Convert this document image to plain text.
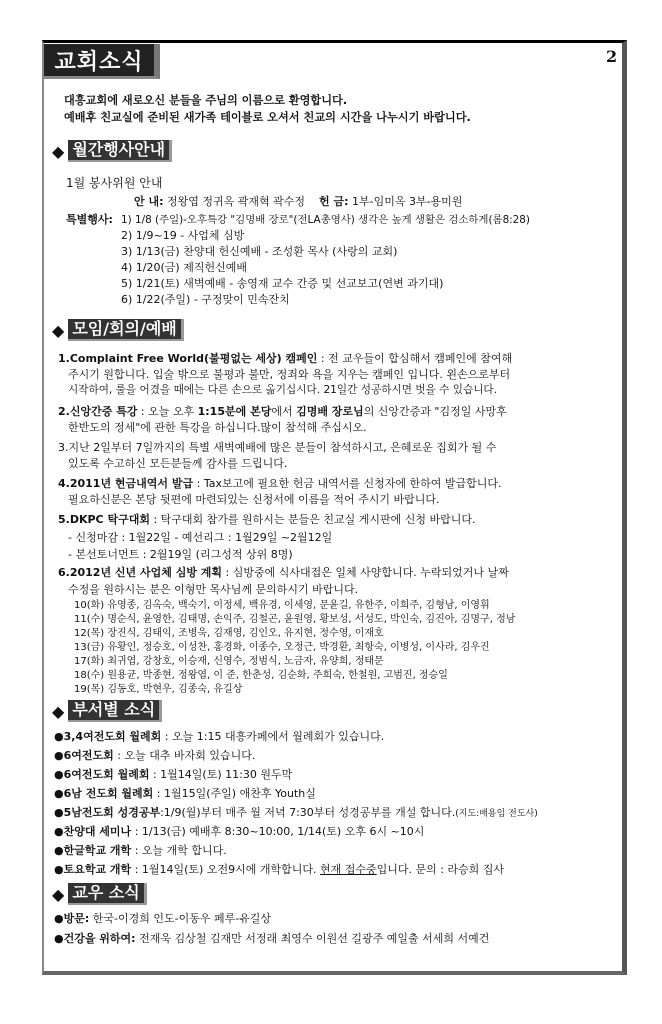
교회소식	2
대흥교회에 새로오신 분들을 주님의 이름으로 환영합니다.
예배후 친교실에 준비된 새가족 테이블로 오셔서 친교의 시간을 나누시기 바랍니다.
◆ 월간행사안내
1월 봉사위원 안내
안 내: 정왕엽 정귀옥 곽재혁 곽수정 헌 금: 1부-임미옥 3부-용미원
특별행사: 1) 1/8 (주일)-오후특강 "김명배 장로"(전LA총영사) 생각은 높게 생활은 검소하게(롬8:28)
2) 1/9~19 - 사업체 심방
3) 1/13(금) 찬양대 헌신예배 - 조성환 목사 (사랑의 교회)
4) 1/20(금) 제직헌신예배
5) 1/21(토) 새벽예배 - 송영재 교수 간증 및 선교보고(연변 과기대)
6) 1/22(주일) - 구정맞이 민속잔치
◆ 모임/회의/예배
1.Complaint Free World(불평없는 세상) 캠페인 : 전 교우들이 합심해서 캠페인에 참여해
주시기 원합니다. 입술 밖으로 불평과 불만, 정죄와 욕을 지우는 캠페인 입니다. 왼손으로부터
시작하여, 룰을 어겼을 때에는 다른 손으로 옮기십시다. 21일간 성공하시면 벗을 수 있습니다.
2.신앙간증 특강 : 오늘 오후 1:15분에 본당에서 김명배 장로님의 신앙간증과 "김정일 사망후
한반도의 정세"에 관한 특강을 하십니다.많이 참석해 주십시오.
3.지난 2일부터 7일까지의 특별 새벽예배에 많은 분들이 참석하시고, 은혜로운 집회가 될 수
있도록 수고하신 모든분들께 감사를 드립니다.
4.2011년 현금내역서 발급 : Tax보고에 필요한 헌금 내역서를 신청자에 한하여 발급합니다.
필요하신분은 본당 뒷편에 마련되있는 신청서에 이름을 적어 주시기 바랍니다.
5.DKPC 탁구대회 : 탁구대회 참가를 원하시는 분들은 친교실 게시판에 신청 바랍니다.
- 신청마감 : 1월22일 - 예선리그 : 1월29일 ~2월12일
- 본선토너먼트 : 2월19일 (리그성적 상위 8명)
6.2012년 신년 사업체 심방 계획 : 심방중에 식사대접은 일체 사양합니다. 누락되었거나 날짜
수정을 원하시는 분은 이형만 목사님께 문의하시기 바랍니다.
10(화) 유영종, 김옥숙, 백숙기, 이정세, 백유경, 이세영, 문윤길, 유한주, 이희주, 김형남, 이영휘
11(수) 명순식, 윤영한, 김태명, 손익주, 김철곤, 윤원영, 황보성, 서성도, 박인숙, 김진아, 김명구, 정남
12(목) 장진식, 김태익, 조병욱, 김재영, 김인오, 유지현, 정수영, 이재호
13(금) 유황인, 정승호, 이성찬, 홍경화, 이종수, 오정근, 박경환, 최항숙, 이병성, 이사라, 김우진
17(화) 최귀엽, 강창호, 이승재, 신영수, 정범식, 노금자, 유양희, 정태문
18(수) 원용균, 박종현, 정왕엽, 이 준, 한춘성, 김순화, 주희숙, 한철원, 고범진, 정승일
19(목) 김동호, 박현우, 김종숙, 유길상
◆ 부서별 소식
●3,4여전도회 월례회 : 오늘 1:15 대흥카페에서 월례회가 있습니다.
●6여전도회 : 오늘 대추 바자회 있습니다.
●6여전도회 월례회 : 1월14일(토) 11:30 원두막
●6남 전도회 월례회 : 1월15일(주일) 애찬후 Youth실
●5남전도회 성경공부:1/9(월)부터 매주 월 저녁 7:30부터 성경공부를 개설 합니다.(지도:배용임 전도사)
●찬양대 세미나 : 1/13(금) 예배후 8:30~10:00, 1/14(토) 오후 6시 ~10시
●한글학교 개학 : 오늘 개학 합니다.
●토요학교 개학 : 1월14일(토) 오전9시에 개학합니다. 현재 접수중입니다. 문의 : 라승희 집사
◆ 교우 소식
●방문: 한국-이경희 인도-이동우 페루-유길상
●건강을 위하여: 전재욱 김상철 김재만 서정래 최영수 이원선 길광주 예일출 서세희 서예건
